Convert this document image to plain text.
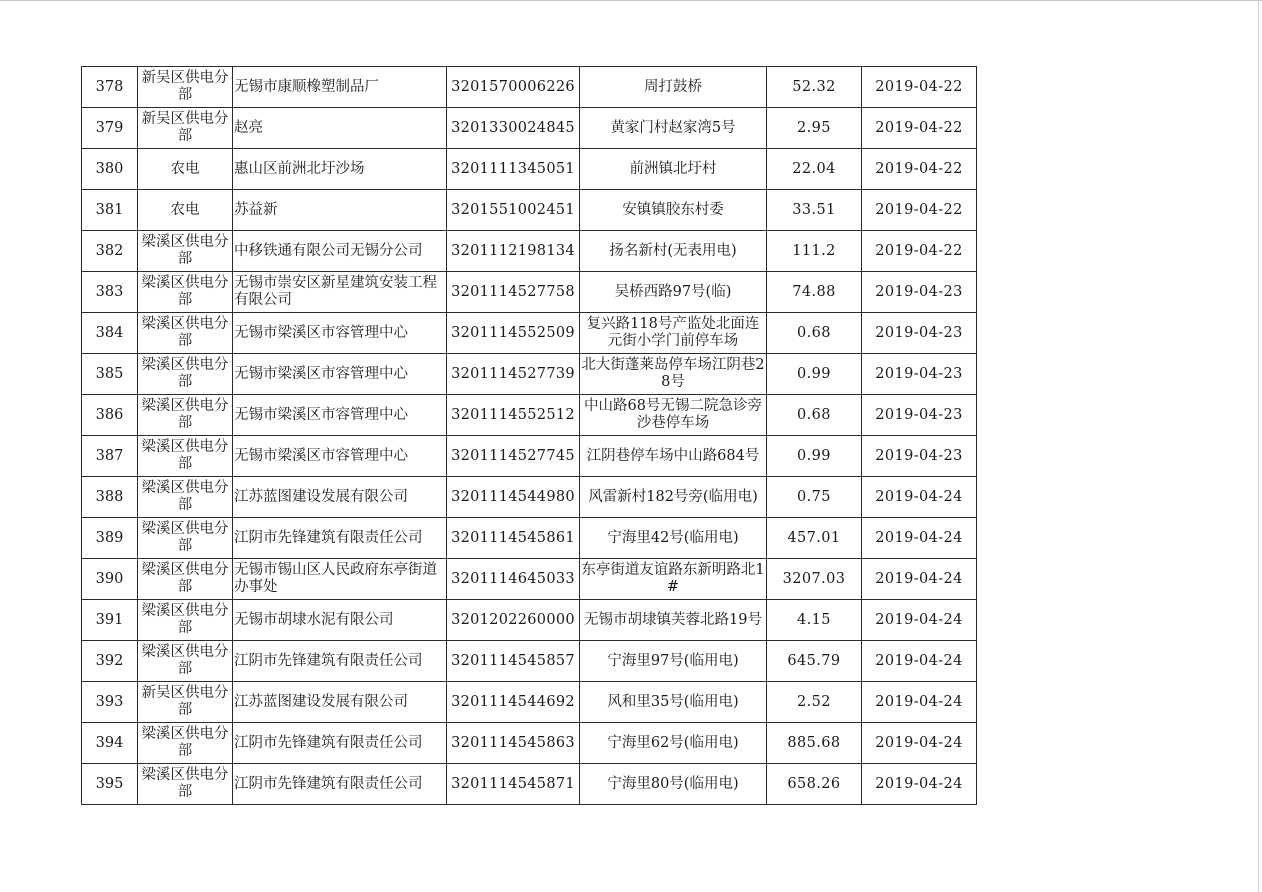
378	新吴区供电分部	无锡市康顺橡塑制品厂	3201570006226	周打鼓桥	52.32	2019-04-22
379	新吴区供电分部	赵亮	3201330024845	黄家门村赵家湾5号	2.95	2019-04-22
380	农电	惠山区前洲北圩沙场	3201111345051	前洲镇北圩村	22.04	2019-04-22
381	农电	苏益新	3201551002451	安镇镇胶东村委	33.51	2019-04-22
382	梁溪区供电分部	中移铁通有限公司无锡分公司	3201112198134	扬名新村(无表用电)	111.2	2019-04-22
383	梁溪区供电分部	无锡市崇安区新星建筑安装工程有限公司	3201114527758	吴桥西路97号(临)	74.88	2019-04-23
384	梁溪区供电分部	无锡市梁溪区市容管理中心	3201114552509	复兴路118号产监处北面连元街小学门前停车场	0.68	2019-04-23
385	梁溪区供电分部	无锡市梁溪区市容管理中心	3201114527739	北大街蓬莱岛停车场江阴巷28号	0.99	2019-04-23
386	梁溪区供电分部	无锡市梁溪区市容管理中心	3201114552512	中山路68号无锡二院急诊旁沙巷停车场	0.68	2019-04-23
387	梁溪区供电分部	无锡市梁溪区市容管理中心	3201114527745	江阴巷停车场中山路684号	0.99	2019-04-23
388	梁溪区供电分部	江苏蓝图建设发展有限公司	3201114544980	风雷新村182号旁(临用电)	0.75	2019-04-24
389	梁溪区供电分部	江阴市先锋建筑有限责任公司	3201114545861	宁海里42号(临用电)	457.01	2019-04-24
390	梁溪区供电分部	无锡市锡山区人民政府东亭街道办事处	3201114645033	东亭街道友谊路东新明路北1#	3207.03	2019-04-24
391	梁溪区供电分部	无锡市胡埭水泥有限公司	3201202260000	无锡市胡埭镇芙蓉北路19号	4.15	2019-04-24
392	梁溪区供电分部	江阴市先锋建筑有限责任公司	3201114545857	宁海里97号(临用电)	645.79	2019-04-24
393	新吴区供电分部	江苏蓝图建设发展有限公司	3201114544692	风和里35号(临用电)	2.52	2019-04-24
394	梁溪区供电分部	江阴市先锋建筑有限责任公司	3201114545863	宁海里62号(临用电)	885.68	2019-04-24
395	梁溪区供电分部	江阴市先锋建筑有限责任公司	3201114545871	宁海里80号(临用电)	658.26	2019-04-24
